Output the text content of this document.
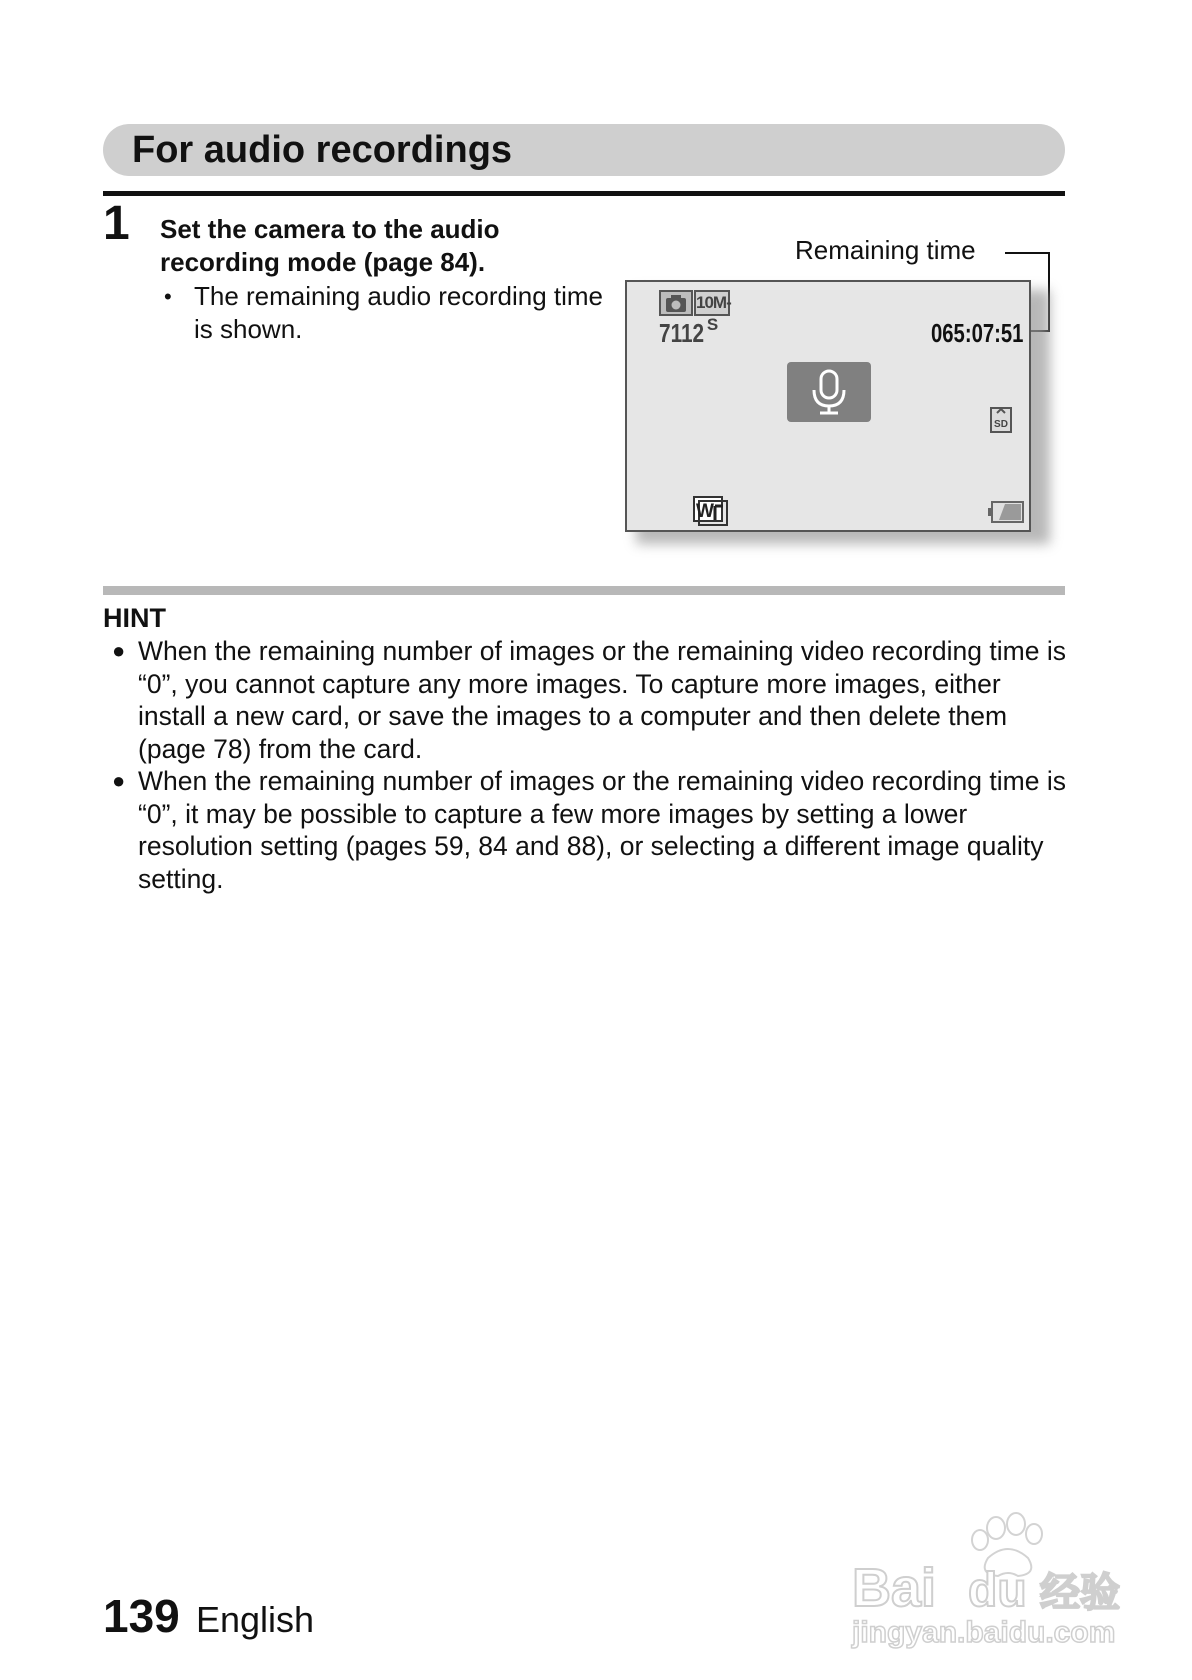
For audio recordings
1 Set the camera to the audio recording mode (page 84).
• The remaining audio recording time is shown.
Remaining time
10M-S
7112	065:07:51
SD
W
HINT
● When the remaining number of images or the remaining video recording time is “0”, you cannot capture any more images. To capture more images, either install a new card, or save the images to a computer and then delete them (page 78) from the card.
● When the remaining number of images or the remaining video recording time is “0”, it may be possible to capture a few more images by setting a lower resolution setting (pages 59, 84 and 88), or selecting a different image quality setting.
139 English
Bai du 经验
jingyan.baidu.com
